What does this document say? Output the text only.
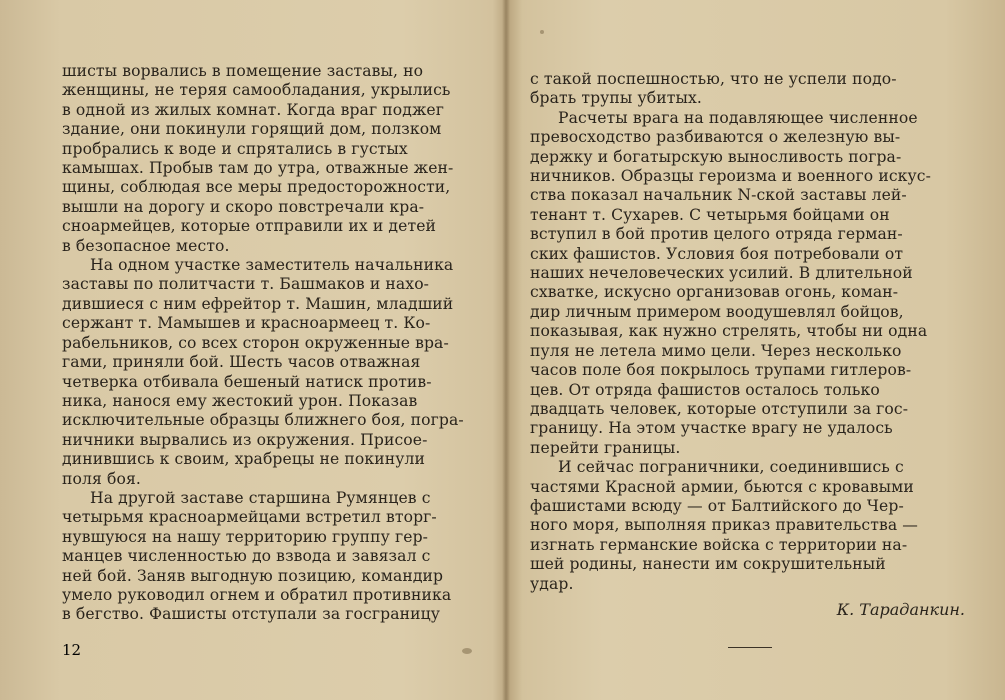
шисты ворвались в помещение заставы, но
женщины, не теряя самообладания, укрылись
в одной из жилых комнат. Когда враг поджег
здание, они покинули горящий дом, ползком
пробрались к воде и спрятались в густых
камышах. Пробыв там до утра, отважные жен-
щины, соблюдая все меры предосторожности,
вышли на дорогу и скоро повстречали кра-
сноармейцев, которые отправили их и детей
в безопасное место.

На одном участке заместитель начальника
заставы по политчасти т. Башмаков и нахо-
дившиеся с ним ефрейтор т. Машин, младший
сержант т. Мамышев и красноармеец т. Ко-
рабельников, со всех сторон окруженные вра-
гами, приняли бой. Шесть часов отважная
четверка отбивала бешеный натиск против-
ника, нанося ему жестокий урон. Показав
исключительные образцы ближнего боя, погра-
ничники вырвались из окружения. Присое-
динившись к своим, храбрецы не покинули
поля боя.

На другой заставе старшина Румянцев с
четырьмя красноармейцами встретил вторг-
нувшуюся на нашу территорию группу гер-
манцев численностью до взвода и завязал с
ней бой. Заняв выгодную позицию, командир
умело руководил огнем и обратил противника
в бегство. Фашисты отступали за госграницу

12

с такой поспешностью, что не успели подо-
брать трупы убитых.

Расчеты врага на подавляющее численное
превосходство разбиваются о железную вы-
держку и богатырскую выносливость погра-
ничников. Образцы героизма и военного искус-
ства показал начальник N-ской заставы лей-
тенант т. Сухарев. С четырьмя бойцами он
вступил в бой против целого отряда герман-
ских фашистов. Условия боя потребовали от
наших нечеловеческих усилий. В длительной
схватке, искусно организовав огонь, коман-
дир личным примером воодушевлял бойцов,
показывая, как нужно стрелять, чтобы ни одна
пуля не летела мимо цели. Через несколько
часов поле боя покрылось трупами гитлеров-
цев. От отряда фашистов осталось только
двадцать человек, которые отступили за гос-
границу. На этом участке врагу не удалось
перейти границы.

И сейчас пограничники, соединившись с
частями Красной армии, бьются с кровавыми
фашистами всюду — от Балтийского до Чер-
ного моря, выполняя приказ правительства —
изгнать германские войска с территории на-
шей родины, нанести им сокрушительный
удар.

К. Тараданкин.
